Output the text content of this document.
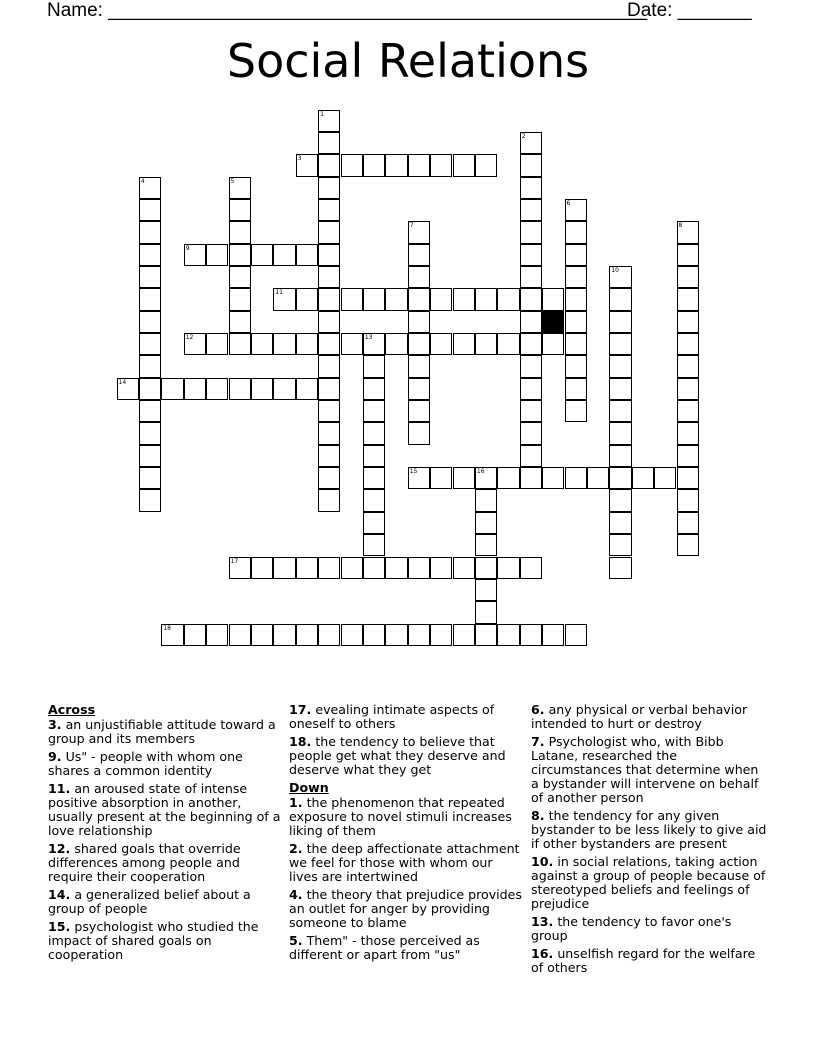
Name: ___________________________________________________
Date: _______
Social Relations
3
9
11
12	13
14
15	16
17
18
1
2
4	5
6
7	8
10
Across
3. an unjustifiable attitude toward a group and its members
9. Us" - people with whom one shares a common identity
11. an aroused state of intense positive absorption in another, usually present at the beginning of a love relationship
12. shared goals that override differences among people and require their cooperation
14. a generalized belief about a group of people
15. psychologist who studied the impact of shared goals on cooperation
17. evealing intimate aspects of oneself to others
18. the tendency to believe that people get what they deserve and deserve what they get
Down
1. the phenomenon that repeated exposure to novel stimuli increases liking of them
2. the deep affectionate attachment we feel for those with whom our lives are intertwined
4. the theory that prejudice provides an outlet for anger by providing someone to blame
5. Them" - those perceived as different or apart from "us"
6. any physical or verbal behavior intended to hurt or destroy
7. Psychologist who, with Bibb Latane, researched the circumstances that determine when a bystander will intervene on behalf of another person
8. the tendency for any given bystander to be less likely to give aid if other bystanders are present
10. in social relations, taking action against a group of people because of stereotyped beliefs and feelings of prejudice
13. the tendency to favor one's group
16. unselfish regard for the welfare of others
